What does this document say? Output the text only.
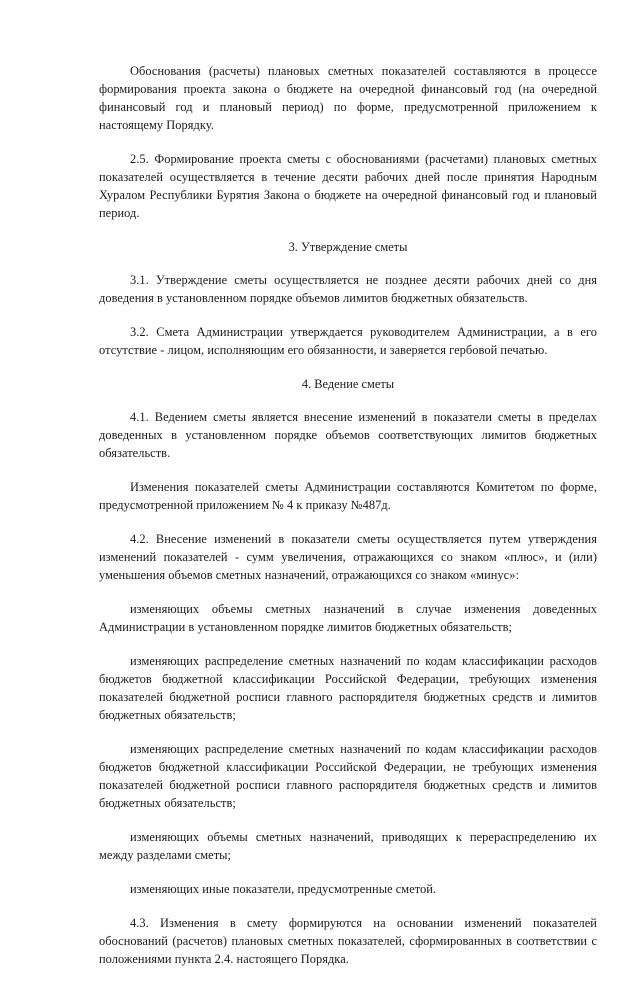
Обоснования (расчеты) плановых сметных показателей составляются в процессе формирования проекта закона о бюджете на очередной финансовый год (на очередной финансовый год и плановый период) по форме, предусмотренной приложением к настоящему Порядку.

2.5. Формирование проекта сметы с обоснованиями (расчетами) плановых сметных показателей осуществляется в течение десяти рабочих дней после принятия Народным Хуралом Республики Бурятия Закона о бюджете на очередной финансовый год и плановый период.

3. Утверждение сметы

3.1. Утверждение сметы осуществляется не позднее десяти рабочих дней со дня доведения в установленном порядке объемов лимитов бюджетных обязательств.

3.2. Смета Администрации утверждается руководителем Администрации, а в его отсутствие - лицом, исполняющим его обязанности, и заверяется гербовой печатью.

4. Ведение сметы

4.1. Ведением сметы является внесение изменений в показатели сметы в пределах доведенных в установленном порядке объемов соответствующих лимитов бюджетных обязательств.

Изменения показателей сметы Администрации составляются Комитетом по форме, предусмотренной приложением № 4 к приказу №487д.

4.2. Внесение изменений в показатели сметы осуществляется путем утверждения изменений показателей - сумм увеличения, отражающихся со знаком «плюс», и (или) уменьшения объемов сметных назначений, отражающихся со знаком «минус»:

изменяющих объемы сметных назначений в случае изменения доведенных Администрации в установленном порядке лимитов бюджетных обязательств;

изменяющих распределение сметных назначений по кодам классификации расходов бюджетов бюджетной классификации Российской Федерации, требующих изменения показателей бюджетной росписи главного распорядителя бюджетных средств и лимитов бюджетных обязательств;

изменяющих распределение сметных назначений по кодам классификации расходов бюджетов бюджетной классификации Российской Федерации, не требующих изменения показателей бюджетной росписи главного распорядителя бюджетных средств и лимитов бюджетных обязательств;

изменяющих объемы сметных назначений, приводящих к перераспределению их между разделами сметы;

изменяющих иные показатели, предусмотренные сметой.

4.3. Изменения в смету формируются на основании изменений показателей обоснований (расчетов) плановых сметных показателей, сформированных в соответствии с положениями пункта 2.4. настоящего Порядка.
